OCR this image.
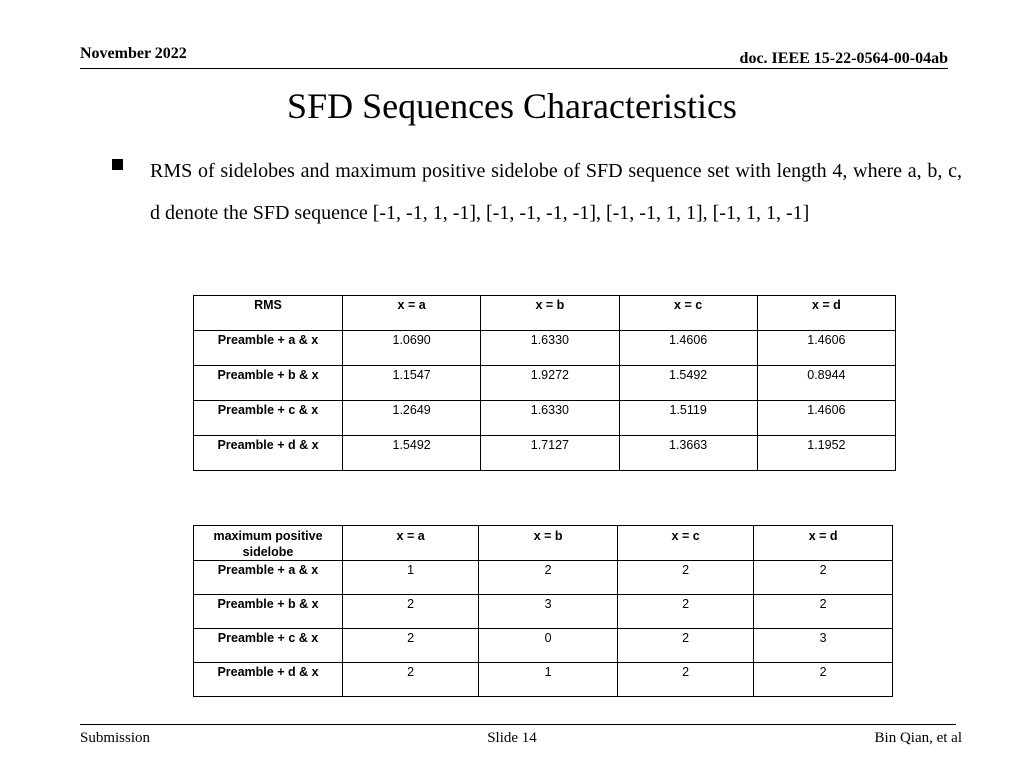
November 2022	doc. IEEE 15-22-0564-00-04ab
SFD Sequences Characteristics
RMS of sidelobes and maximum positive sidelobe of SFD sequence set with length 4, where a, b, c, d denote the SFD sequence [-1, -1, 1, -1], [-1, -1, -1, -1], [-1, -1, 1, 1], [-1, 1, 1, -1]
RMS	x = a	x = b	x = c	x = d
Preamble + a & x	1.0690	1.6330	1.4606	1.4606
Preamble + b & x	1.1547	1.9272	1.5492	0.8944
Preamble + c & x	1.2649	1.6330	1.5119	1.4606
Preamble + d & x	1.5492	1.7127	1.3663	1.1952
maximum positive sidelobe	x = a	x = b	x = c	x = d
Preamble + a & x	1	2	2	2
Preamble + b & x	2	3	2	2
Preamble + c & x	2	0	2	3
Preamble + d & x	2	1	2	2
Submission	Slide 14	Bin Qian, et al
